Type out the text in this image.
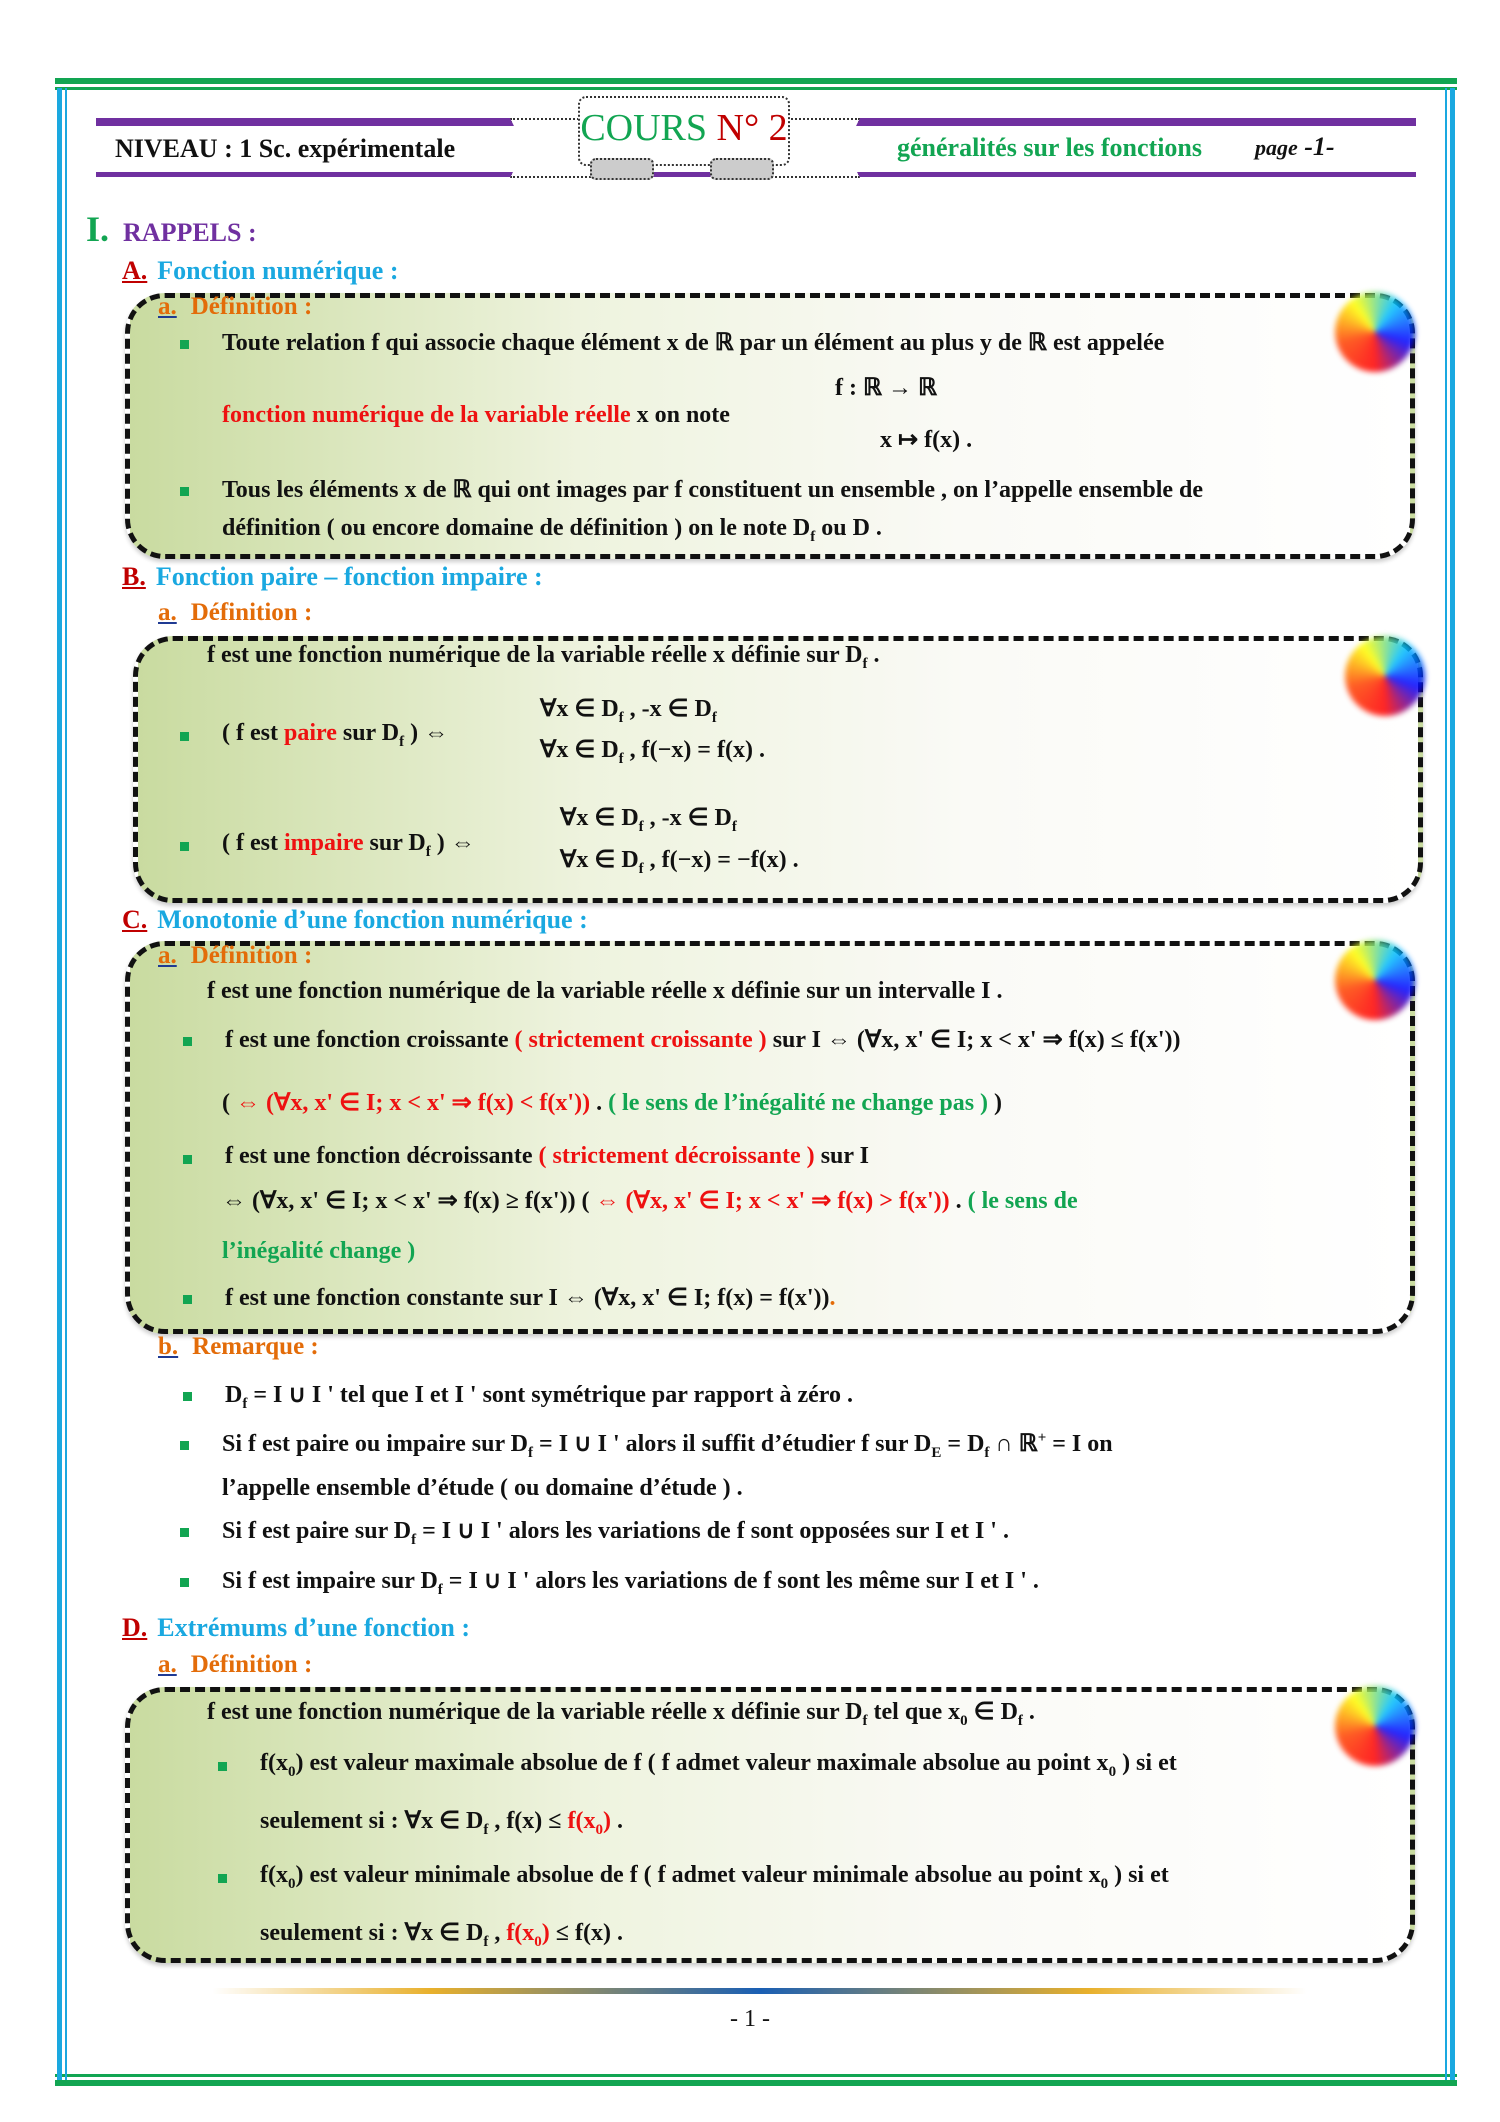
COURS N° 2
NIVEAU : 1 Sc. expérimentale	généralités sur les fonctions page -1-
I. RAPPELS :
A. Fonction numérique :
B. Fonction paire – fonction impaire :
C. Monotonie d’une fonction numérique :
D. Extrémums d’une fonction :
a. Définition :
a. Définition :
a. Définition :
b. Remarque :
a. Définition :
Toute relation f qui associe chaque élément x de ℝ par un élément au plus y de ℝ est appelée
f : ℝ → ℝ
fonction numérique de la variable réelle x on note
x ↦ f(x) .
Tous les éléments x de ℝ qui ont images par f constituent un ensemble , on l’appelle ensemble de
définition ( ou encore domaine de définition ) on le note $D_f$ ou D .
f est une fonction numérique de la variable réelle x définie sur $D_f$ .
( f est paire sur $D_f$ ) ⇔
∀x ∈ $D_f$ , -x ∈ $D_f$
∀x ∈ $D_f$ , f(−x) = f(x) .
( f est impaire sur $D_f$ ) ⇔
∀x ∈ $D_f$ , -x ∈ $D_f$
∀x ∈ $D_f$ , f(−x) = −f(x) .
f est une fonction numérique de la variable réelle x définie sur un intervalle I .
f est une fonction croissante ( strictement croissante ) sur I ⇔ (∀x, x' ∈ I; x < x' ⇒ f(x) ≤ f(x'))
( ⇔ (∀x, x' ∈ I; x < x' ⇒ f(x) < f(x')) . ( le sens de l’inégalité ne change pas ) )
f est une fonction décroissante ( strictement décroissante ) sur I
⇔ (∀x, x' ∈ I; x < x' ⇒ f(x) ≥ f(x')) ( ⇔ (∀x, x' ∈ I; x < x' ⇒ f(x) > f(x')) . ( le sens de
l’inégalité change )
f est une fonction constante sur I ⇔ (∀x, x' ∈ I; f(x) = f(x')).
$D_f = I$ ∪ I ' tel que I et I ' sont symétrique par rapport à zéro .
Si f est paire ou impaire sur $D_f = I$ ∪ I ' alors il suffit d’étudier f sur $D_E = D_f$ ∩ ℝ+ = I on
l’appelle ensemble d’étude ( ou domaine d’étude ) .
Si f est paire sur $D_f = I$ ∪ I ' alors les variations de f sont opposées sur I et I ' .
Si f est impaire sur $D_f = I$ ∪ I ' alors les variations de f sont les même sur I et I ' .
f est une fonction numérique de la variable réelle x définie sur $D_f$ tel que $x_0$ ∈ $D_f$ .
$f(x_0)$ est valeur maximale absolue de f ( f admet valeur maximale absolue au point $x_0$ ) si et
seulement si : ∀x ∈ $D_f$ , $f(x) \le f(x_0)$ .
$f(x_0)$ est valeur minimale absolue de f ( f admet valeur minimale absolue au point $x_0$ ) si et
seulement si : ∀x ∈ $D_f$ , $f(x_0) \le f(x)$ .
- 1 -
